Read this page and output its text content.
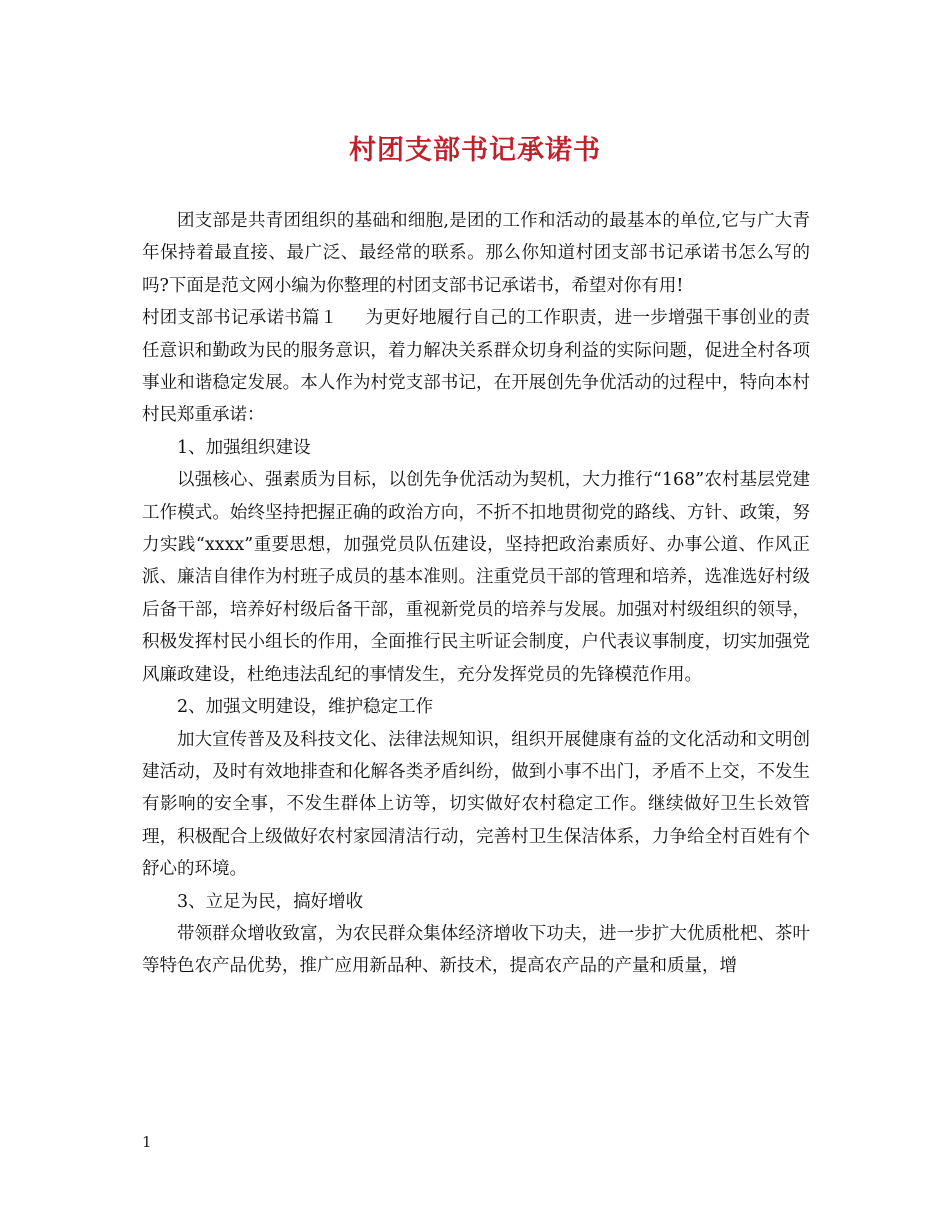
村团支部书记承诺书

团支部是共青团组织的基础和细胞,是团的工作和活动的最基本的单位,它与广大青年保持着最直接、最广泛、最经常的联系。那么你知道村团支部书记承诺书怎么写的吗?下面是范文网小编为你整理的村团支部书记承诺书，希望对你有用!

村团支部书记承诺书篇１ 为更好地履行自己的工作职责，进一步增强干事创业的责任意识和勤政为民的服务意识，着力解决关系群众切身利益的实际问题，促进全村各项事业和谐稳定发展。本人作为村党支部书记，在开展创先争优活动的过程中，特向本村村民郑重承诺：

1、加强组织建设

以强核心、强素质为目标，以创先争优活动为契机，大力推行“168”农村基层党建工作模式。始终坚持把握正确的政治方向，不折不扣地贯彻党的路线、方针、政策，努力实践“xxxx”重要思想，加强党员队伍建设，坚持把政治素质好、办事公道、作风正派、廉洁自律作为村班子成员的基本准则。注重党员干部的管理和培养，选准选好村级后备干部，培养好村级后备干部，重视新党员的培养与发展。加强对村级组织的领导，积极发挥村民小组长的作用，全面推行民主听证会制度，户代表议事制度，切实加强党风廉政建设，杜绝违法乱纪的事情发生，充分发挥党员的先锋模范作用。

2、加强文明建设，维护稳定工作

加大宣传普及及科技文化、法律法规知识，组织开展健康有益的文化活动和文明创建活动，及时有效地排查和化解各类矛盾纠纷，做到小事不出门，矛盾不上交，不发生有影响的安全事，不发生群体上访等，切实做好农村稳定工作。继续做好卫生长效管理，积极配合上级做好农村家园清洁行动，完善村卫生保洁体系，力争给全村百姓有个舒心的环境。

3、立足为民，搞好增收

带领群众增收致富，为农民群众集体经济增收下功夫，进一步扩大优质枇杷、茶叶等特色农产品优势，推广应用新品种、新技术，提高农产品的产量和质量，增

1
